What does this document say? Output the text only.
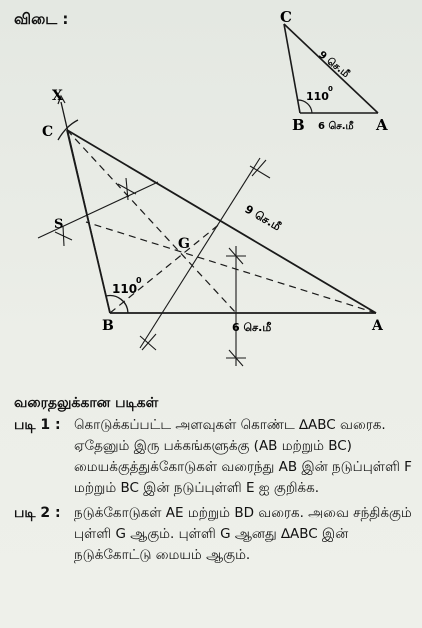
விடை :	C
B	A
9 செ.மீ
6 செ.மீ
110
0
X
C
S
G
B	A
9 செ.மீ
6 செ.மீ
110
0
வரைதலுக்கான படிகள்
படி 1 : கொடுக்கப்பட்ட அளவுகள் கொண்ட ∆ABC வரைக.

ஏதேனும் இரு பக்கங்களுக்கு (AB மற்றும் BC) மையக்குத்துக்கோடுகள் வரைந்து AB இன் நடுப்புள்ளி F மற்றும் BC இன் நடுப்புள்ளி E ஐ குறிக்க.

படி 2 : நடுக்கோடுகள் AE மற்றும் BD வரைக. அவை சந்திக்கும் புள்ளி G ஆகும். புள்ளி G ஆனது ∆ABC இன் நடுக்கோட்டு மையம் ஆகும்.
